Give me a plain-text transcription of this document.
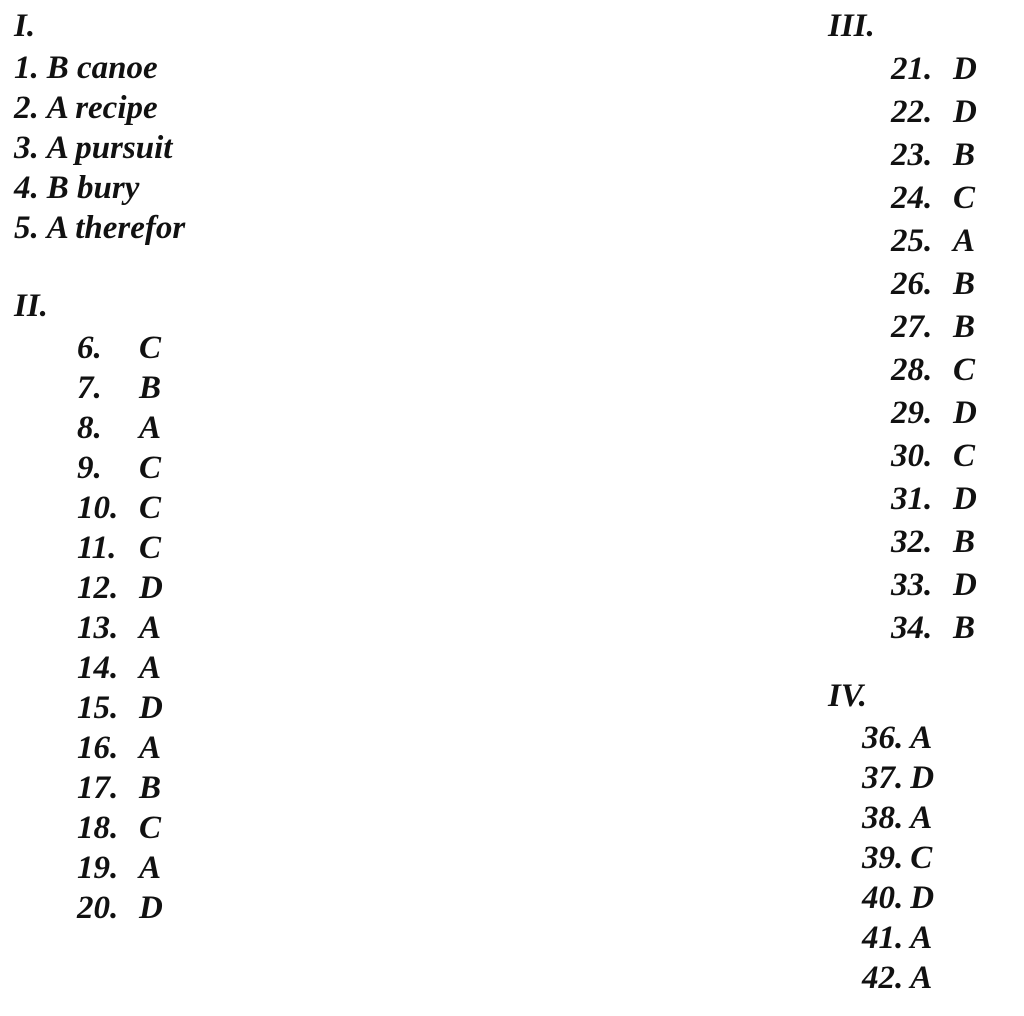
I.
1. B canoe
2. A recipe
3. A pursuit
4. B bury
5. A therefor
II.
6. C
7. B
8. A
9. C
10. C
11. C
12. D
13. A
14. A
15. D
16. A
17. B
18. C
19. A
20. D
III.
21. D
22. D
23. B
24. C
25. A
26. B
27. B
28. C
29. D
30. C
31. D
32. B
33. D
34. B
IV.
36. A
37. D
38. A
39. C
40. D
41. A
42. A
